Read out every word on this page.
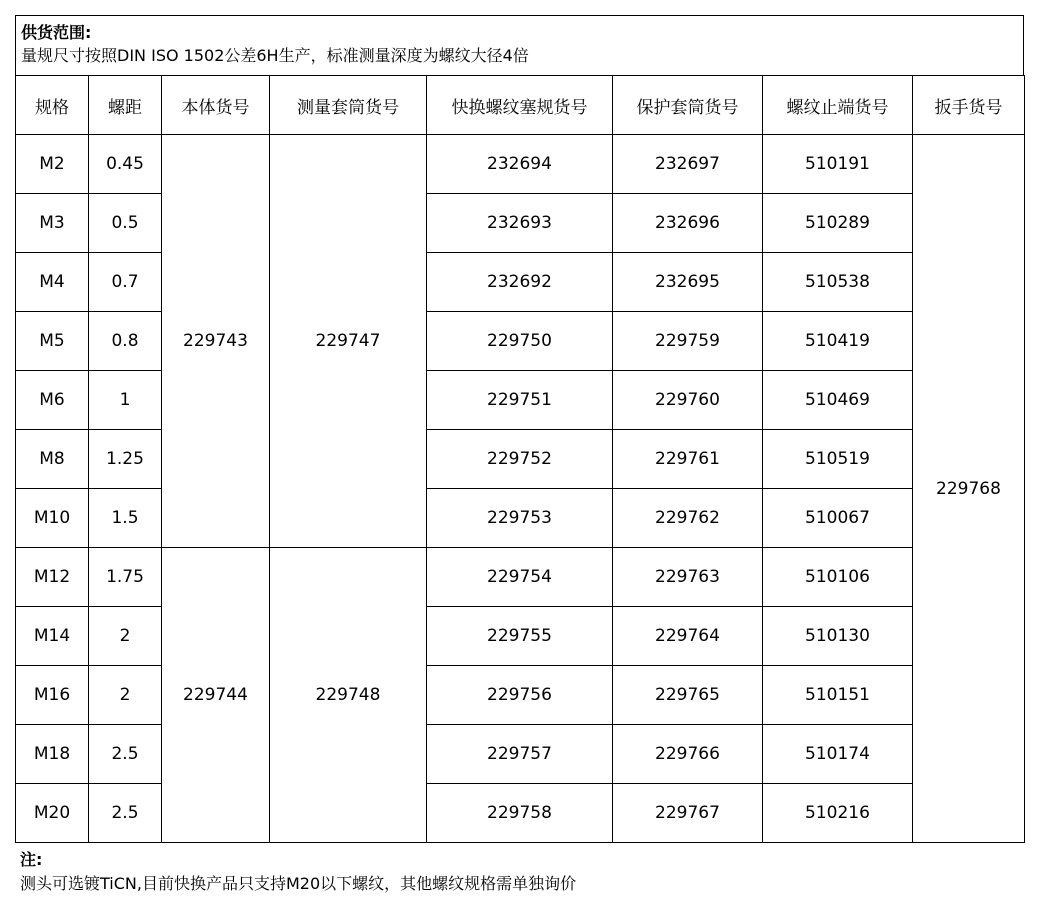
供货范围:
量规尺寸按照DIN ISO 1502公差6H生产，标准测量深度为螺纹大径4倍
规格	螺距	本体货号	测量套筒货号	快换螺纹塞规货号	保护套筒货号	螺纹止端货号	扳手货号
M2	0.45	229743	229747	232694	232697	510191	229768
M3	0.5			232693	232696	510289	
M4	0.7			232692	232695	510538	
M5	0.8			229750	229759	510419	
M6	1			229751	229760	510469	
M8	1.25			229752	229761	510519	
M10	1.5			229753	229762	510067	
M12	1.75	229744	229748	229754	229763	510106	
M14	2			229755	229764	510130	
M16	2			229756	229765	510151	
M18	2.5			229757	229766	510174	
M20	2.5			229758	229767	510216	
注:
测头可选镀TiCN,目前快换产品只支持M20以下螺纹，其他螺纹规格需单独询价
